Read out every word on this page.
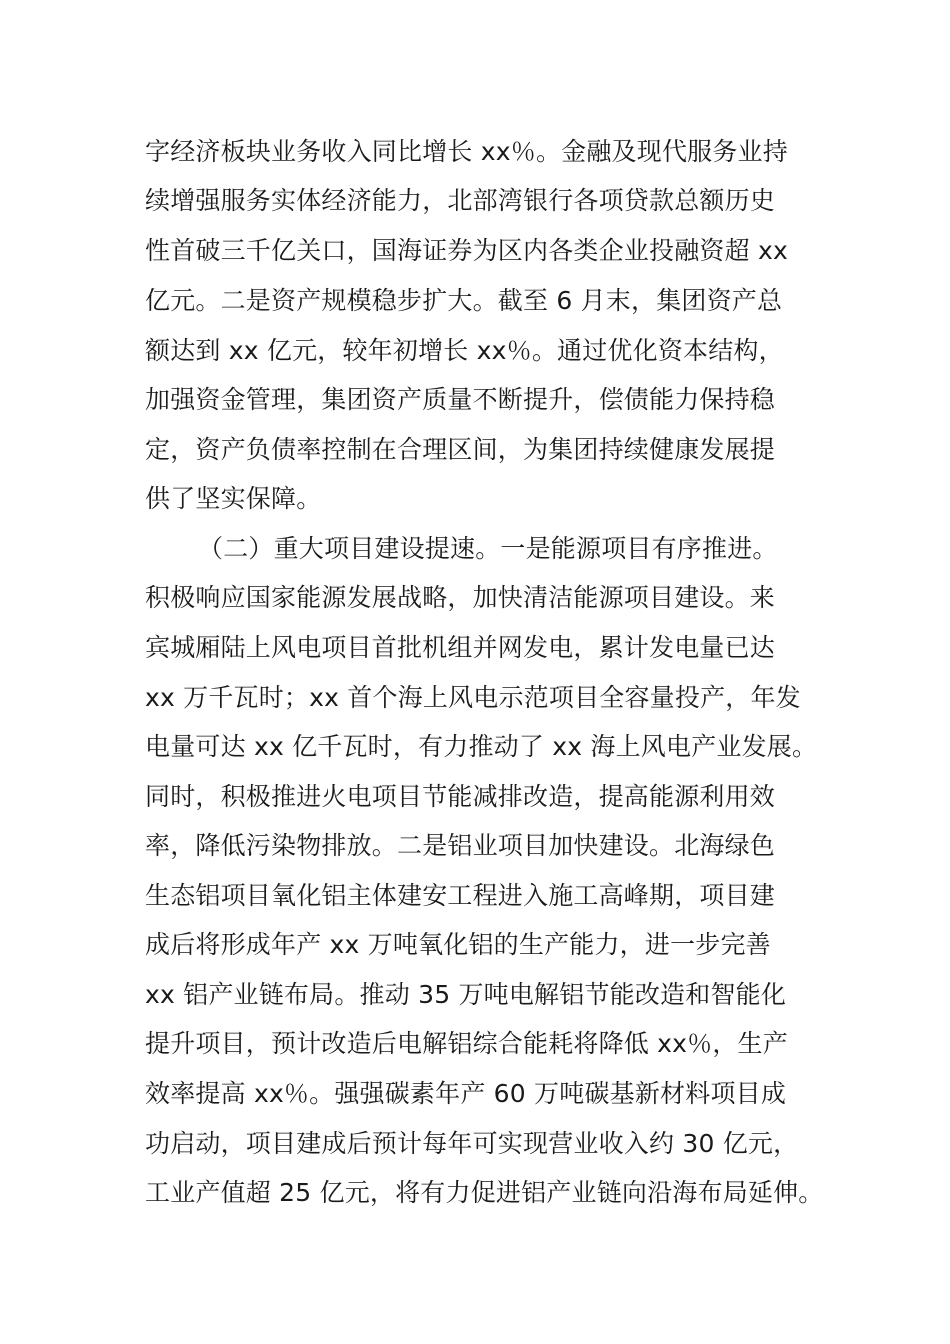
字经济板块业务收入同比增长 xx％。金融及现代服务业持
续增强服务实体经济能力，北部湾银行各项贷款总额历史
性首破三千亿关口，国海证券为区内各类企业投融资超 xx
亿元。二是资产规模稳步扩大。截至 6 月末，集团资产总
额达到 xx 亿元，较年初增长 xx％。通过优化资本结构，
加强资金管理，集团资产质量不断提升，偿债能力保持稳
定，资产负债率控制在合理区间，为集团持续健康发展提
供了坚实保障。
（二）重大项目建设提速。一是能源项目有序推进。
积极响应国家能源发展战略，加快清洁能源项目建设。来
宾城厢陆上风电项目首批机组并网发电，累计发电量已达
xx 万千瓦时；xx 首个海上风电示范项目全容量投产，年发
电量可达 xx 亿千瓦时，有力推动了 xx 海上风电产业发展。
同时，积极推进火电项目节能减排改造，提高能源利用效
率，降低污染物排放。二是铝业项目加快建设。北海绿色
生态铝项目氧化铝主体建安工程进入施工高峰期，项目建
成后将形成年产 xx 万吨氧化铝的生产能力，进一步完善
xx 铝产业链布局。推动 35 万吨电解铝节能改造和智能化
提升项目，预计改造后电解铝综合能耗将降低 xx％，生产
效率提高 xx％。强强碳素年产 60 万吨碳基新材料项目成
功启动，项目建成后预计每年可实现营业收入约 30 亿元，
工业产值超 25 亿元，将有力促进铝产业链向沿海布局延伸。
